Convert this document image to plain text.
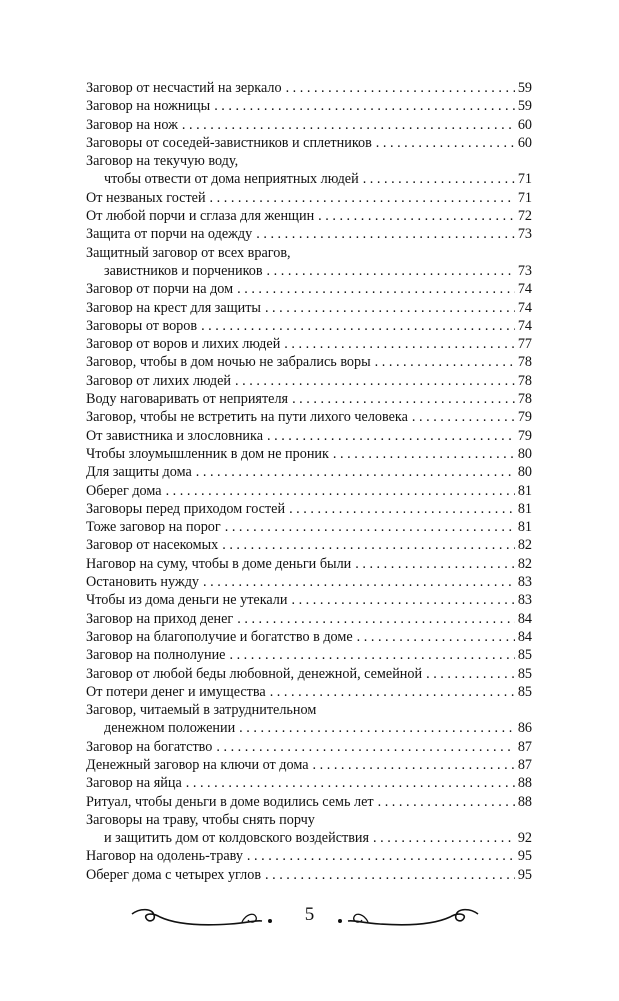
Заговор от несчастий на зеркало . . .	59
Заговор на ножницы . . .	59
Заговор на нож . . .	60
Заговоры от соседей-завистников и сплетников . . .	60
Заговор на текучую воду,
чтобы отвести от дома неприятных людей . . .	71
От незваных гостей . . .	71
От любой порчи и сглаза для женщин . . .	72
Защита от порчи на одежду . . .	73
Защитный заговор от всех врагов,
завистников и порчеников . . .	73
Заговор от порчи на дом . . .	74
Заговор на крест для защиты . . .	74
Заговоры от воров . . .	74
Заговор от воров и лихих людей . . .	77
Заговор, чтобы в дом ночью не забрались воры . . .	78
Заговор от лихих людей . . .	78
Воду наговаривать от неприятеля . . .	78
Заговор, чтобы не встретить на пути лихого человека . . .	79
От завистника и злословника . . .	79
Чтобы злоумышленник в дом не проник . . .	80
Для защиты дома . . .	80
Оберег дома . . .	81
Заговоры перед приходом гостей . . .	81
Тоже заговор на порог . . .	81
Заговор от насекомых . . .	82
Наговор на суму, чтобы в доме деньги были . . .	82
Остановить нужду . . .	83
Чтобы из дома деньги не утекали . . .	83
Заговор на приход денег . . .	84
Заговор на благополучие и богатство в доме . . .	84
Заговор на полнолуние . . .	85
Заговор от любой беды любовной, денежной, семейной . . .	85
От потери денег и имущества . . .	85
Заговор, читаемый в затруднительном
денежном положении . . .	86
Заговор на богатство . . .	87
Денежный заговор на ключи от дома . . .	87
Заговор на яйца . . .	88
Ритуал, чтобы деньги в доме водились семь лет . . .	88
Заговоры на траву, чтобы снять порчу
и защитить дом от колдовского воздействия . . .	92
Наговор на одолень-траву . . .	95
Оберег дома с четырех углов . . .	95
5
